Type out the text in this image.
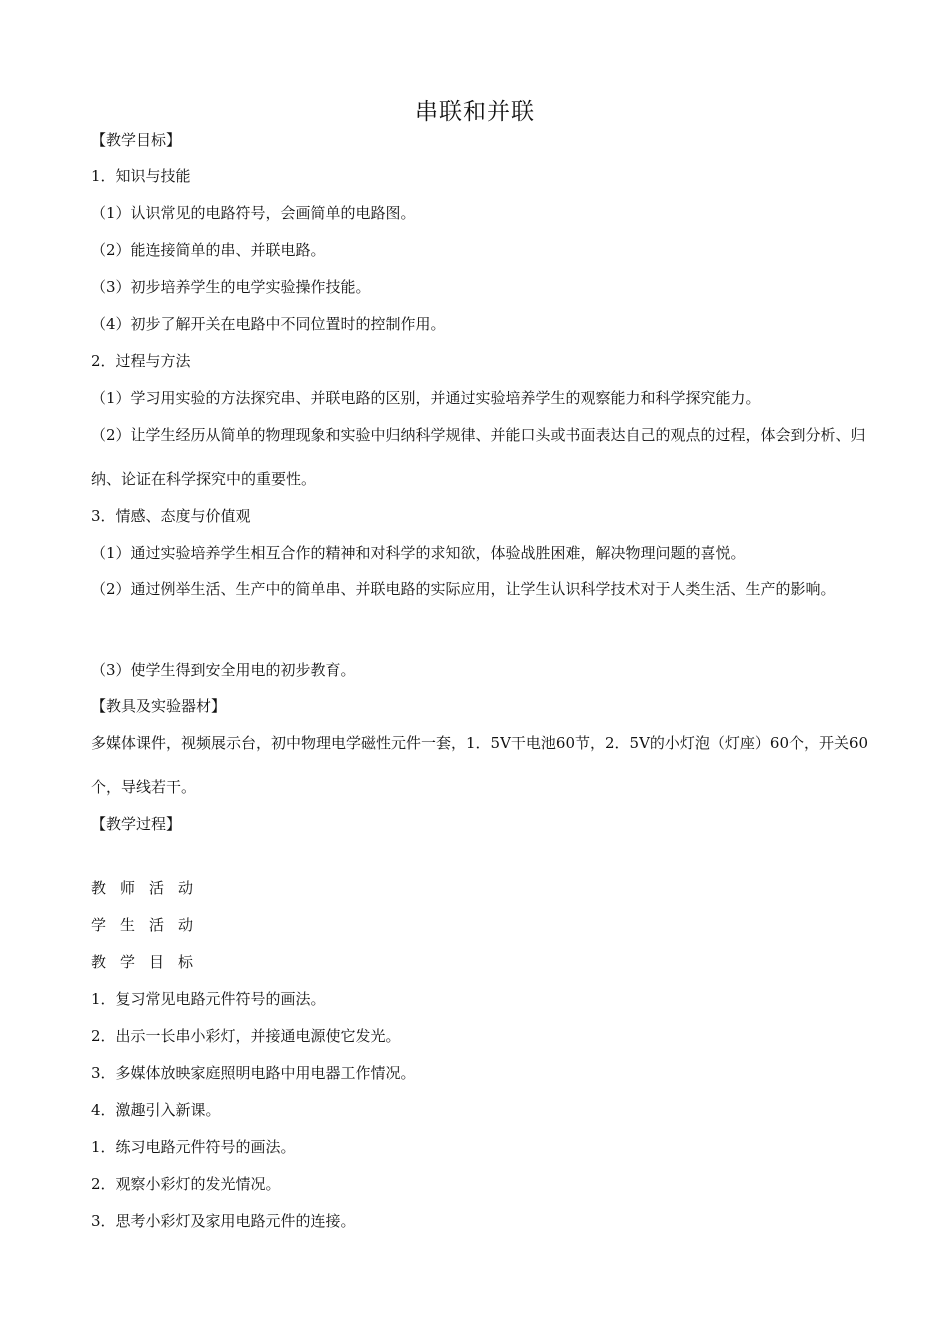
串联和并联
【教学目标】
1．知识与技能
（1）认识常见的电路符号，会画简单的电路图。
（2）能连接简单的串、并联电路。
（3）初步培养学生的电学实验操作技能。
（4）初步了解开关在电路中不同位置时的控制作用。
2．过程与方法
（1）学习用实验的方法探究串、并联电路的区别，并通过实验培养学生的观察能力和科学探究能力。
（2）让学生经历从简单的物理现象和实验中归纳科学规律、并能口头或书面表达自己的观点的过程，体会到分析、归纳、论证在科学探究中的重要性。
3．情感、态度与价值观
（1）通过实验培养学生相互合作的精神和对科学的求知欲，体验战胜困难，解决物理问题的喜悦。
（2）通过例举生活、生产中的简单串、并联电路的实际应用，让学生认识科学技术对于人类生活、生产的影响。
（3）使学生得到安全用电的初步教育。
【教具及实验器材】
多媒体课件，视频展示台，初中物理电学磁性元件一套，1．5V干电池60节，2．5V的小灯泡（灯座）60个，开关60个，导线若干。
【教学过程】
教师活动
学生活动
教学目标
1．复习常见电路元件符号的画法。
2．出示一长串小彩灯，并接通电源使它发光。
3．多媒体放映家庭照明电路中用电器工作情况。
4．激趣引入新课。
1．练习电路元件符号的画法。
2．观察小彩灯的发光情况。
3．思考小彩灯及家用电路元件的连接。
